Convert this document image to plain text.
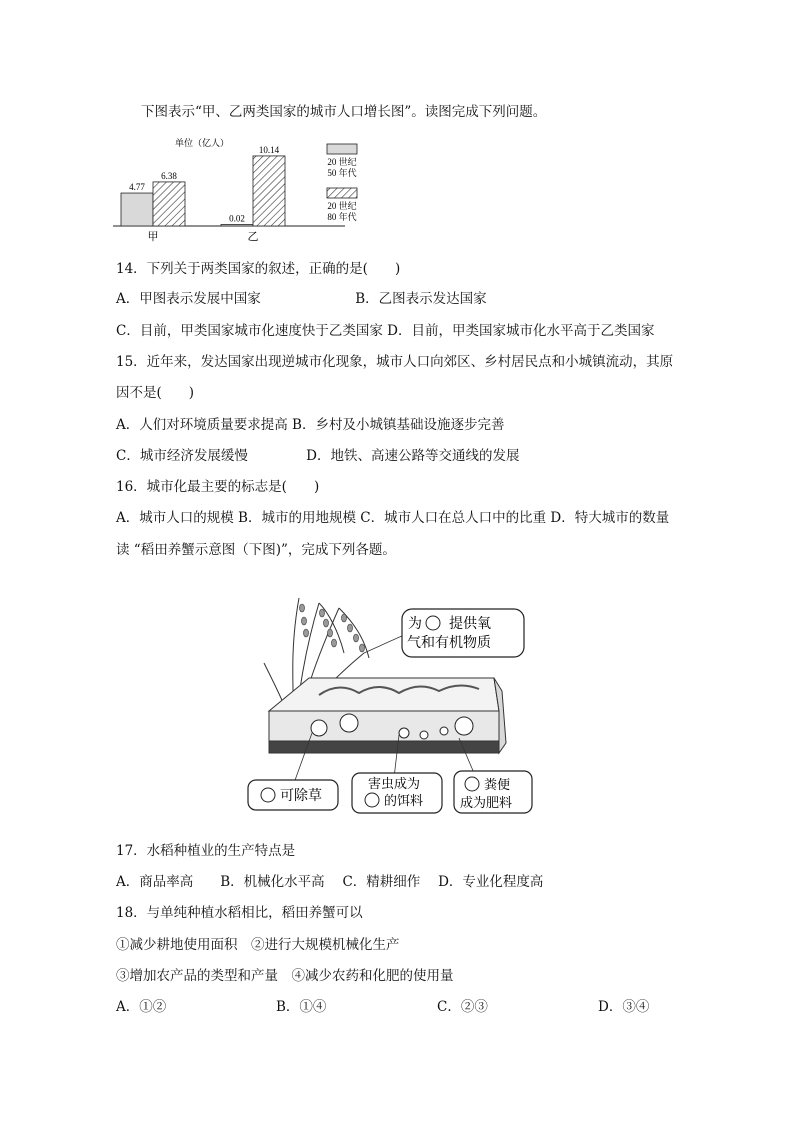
下图表示“甲、乙两类国家的城市人口增长图”。读图完成下列问题。
单位（亿人）
4.77
6.38
甲
0.02
10.14
乙
20 世纪
50 年代
20 世纪
80 年代
14．下列关于两类国家的叙述，正确的是(　　)
A．甲图表示发展中国家　　　　　　　B．乙图表示发达国家
C．目前，甲类国家城市化速度快于乙类国家 D．目前，甲类国家城市化水平高于乙类国家
15．近年来，发达国家出现逆城市化现象，城市人口向郊区、乡村居民点和小城镇流动，其原
因不是(　　)
A．人们对环境质量要求提高 B．乡村及小城镇基础设施逐步完善
C．城市经济发展缓慢　　　　 D．地铁、高速公路等交通线的发展
16．城市化最主要的标志是(　　)
A．城市人口的规模 B．城市的用地规模 C．城市人口在总人口中的比重 D．特大城市的数量
读 “稻田养蟹示意图（下图)”，完成下列各题。
为 提供氧
气和有机物质
可除草
害虫成为
的饵料
粪便
成为肥料
17．水稻种植业的生产特点是
A．商品率高　　B．机械化水平高　 C．精耕细作　 D．专业化程度高
18．与单纯种植水稻相比，稻田养蟹可以
①减少耕地使用面积　②进行大规模机械化生产
③增加农产品的类型和产量　④减少农药和化肥的使用量
A．①②	B．①④	C．②③	D．③④
